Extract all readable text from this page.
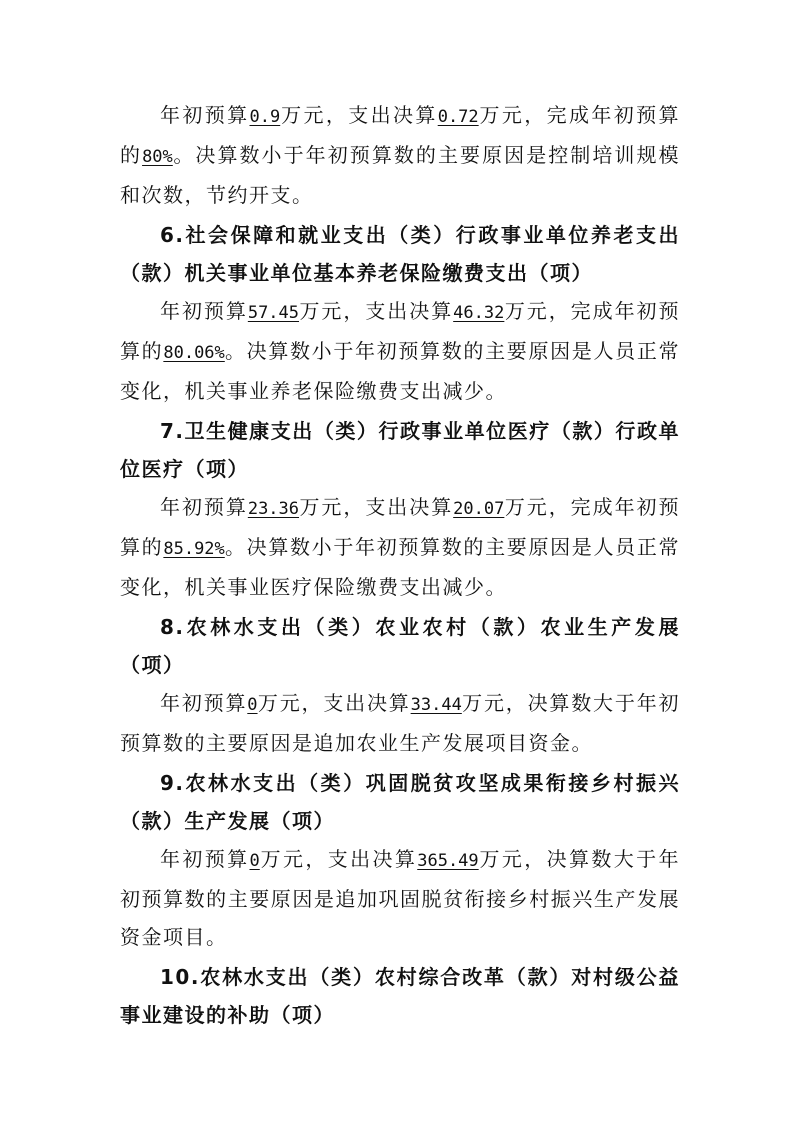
年初预算0.9万元，支出决算0.72万元，完成年初预算的80%。决算数小于年初预算数的主要原因是控制培训规模和次数，节约开支。

6.社会保障和就业支出（类）行政事业单位养老支出（款）机关事业单位基本养老保险缴费支出（项）

年初预算57.45万元，支出决算46.32万元，完成年初预算的80.06%。决算数小于年初预算数的主要原因是人员正常变化，机关事业养老保险缴费支出减少。

7.卫生健康支出（类）行政事业单位医疗（款）行政单位医疗（项）

年初预算23.36万元，支出决算20.07万元，完成年初预算的85.92%。决算数小于年初预算数的主要原因是人员正常变化，机关事业医疗保险缴费支出减少。

8.农林水支出（类）农业农村（款）农业生产发展（项）

年初预算0万元，支出决算33.44万元，决算数大于年初预算数的主要原因是追加农业生产发展项目资金。

9.农林水支出（类）巩固脱贫攻坚成果衔接乡村振兴（款）生产发展（项）

年初预算0万元，支出决算365.49万元，决算数大于年初预算数的主要原因是追加巩固脱贫衔接乡村振兴生产发展资金项目。

10.农林水支出（类）农村综合改革（款）对村级公益事业建设的补助（项）
